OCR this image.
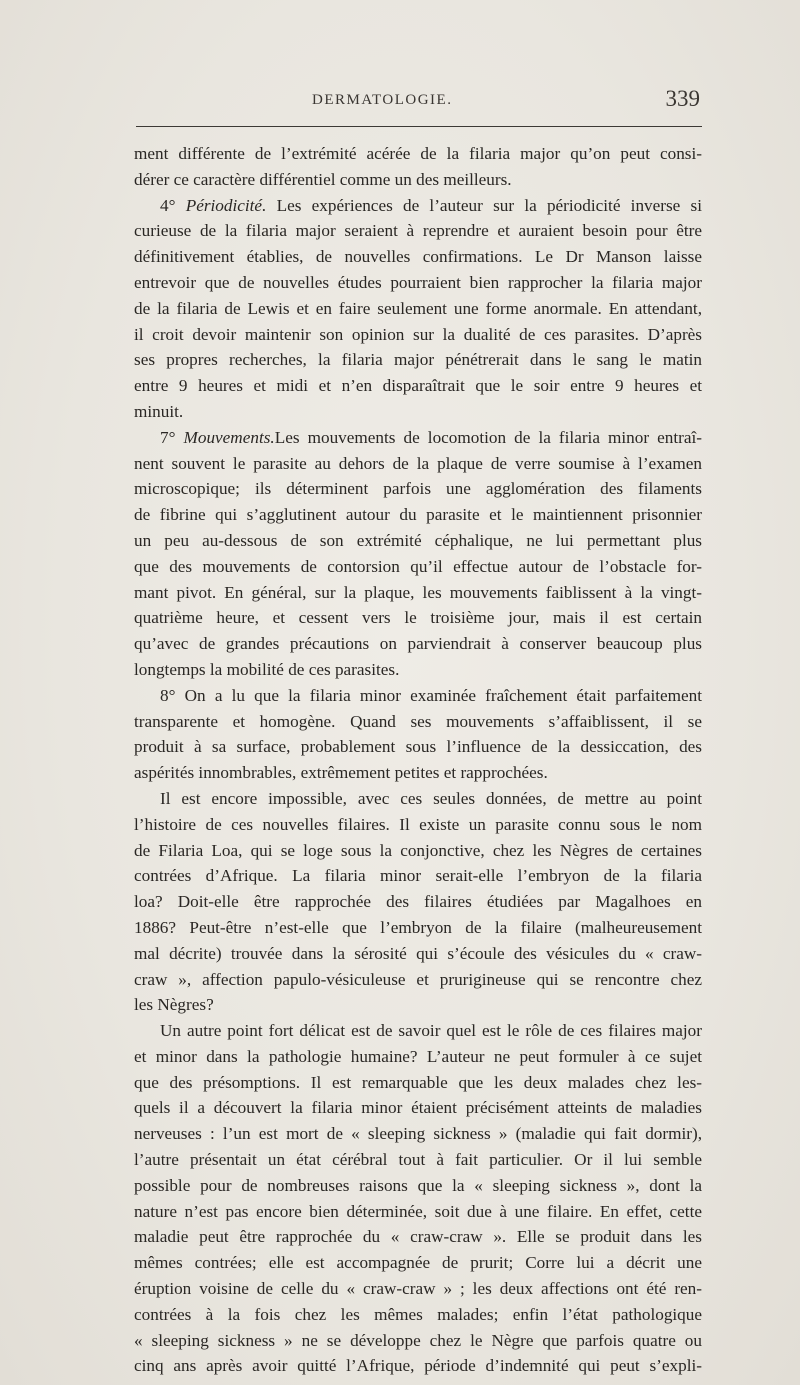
DERMATOLOGIE.	339
ment différente de l’extrémité acérée de la filaria major qu’on peut consi-
dérer ce caractère différentiel comme un des meilleurs.
4° Périodicité. Les expériences de l’auteur sur la périodicité inverse si
curieuse de la filaria major seraient à reprendre et auraient besoin pour être
définitivement établies, de nouvelles confirmations. Le Dr Manson laisse
entrevoir que de nouvelles études pourraient bien rapprocher la filaria major
de la filaria de Lewis et en faire seulement une forme anormale. En attendant,
il croit devoir maintenir son opinion sur la dualité de ces parasites. D’après
ses propres recherches, la filaria major pénétrerait dans le sang le matin
entre 9 heures et midi et n’en disparaîtrait que le soir entre 9 heures et
minuit.
7° Mouvements.Les mouvements de locomotion de la filaria minor entraî-
nent souvent le parasite au dehors de la plaque de verre soumise à l’examen
microscopique; ils déterminent parfois une agglomération des filaments
de fibrine qui s’agglutinent autour du parasite et le maintiennent prisonnier
un peu au-dessous de son extrémité céphalique, ne lui permettant plus
que des mouvements de contorsion qu’il effectue autour de l’obstacle for-
mant pivot. En général, sur la plaque, les mouvements faiblissent à la vingt-
quatrième heure, et cessent vers le troisième jour, mais il est certain
qu’avec de grandes précautions on parviendrait à conserver beaucoup plus
longtemps la mobilité de ces parasites.
8° On a lu que la filaria minor examinée fraîchement était parfaitement
transparente et homogène. Quand ses mouvements s’affaiblissent, il se
produit à sa surface, probablement sous l’influence de la dessiccation, des
aspérités innombrables, extrêmement petites et rapprochées.
Il est encore impossible, avec ces seules données, de mettre au point
l’histoire de ces nouvelles filaires. Il existe un parasite connu sous le nom
de Filaria Loa, qui se loge sous la conjonctive, chez les Nègres de certaines
contrées d’Afrique. La filaria minor serait-elle l’embryon de la filaria
loa? Doit-elle être rapprochée des filaires étudiées par Magalhoes en
1886? Peut-être n’est-elle que l’embryon de la filaire (malheureusement
mal décrite) trouvée dans la sérosité qui s’écoule des vésicules du « craw-
craw », affection papulo-vésiculeuse et prurigineuse qui se rencontre chez
les Nègres?
Un autre point fort délicat est de savoir quel est le rôle de ces filaires major
et minor dans la pathologie humaine? L’auteur ne peut formuler à ce sujet
que des présomptions. Il est remarquable que les deux malades chez les-
quels il a découvert la filaria minor étaient précisément atteints de maladies
nerveuses : l’un est mort de « sleeping sickness » (maladie qui fait dormir),
l’autre présentait un état cérébral tout à fait particulier. Or il lui semble
possible pour de nombreuses raisons que la « sleeping sickness », dont la
nature n’est pas encore bien déterminée, soit due à une filaire. En effet, cette
maladie peut être rapprochée du « craw-craw ». Elle se produit dans les
mêmes contrées; elle est accompagnée de prurit; Corre lui a décrit une
éruption voisine de celle du « craw-craw » ; les deux affections ont été ren-
contrées à la fois chez les mêmes malades; enfin l’état pathologique
« sleeping sickness » ne se développe chez le Nègre que parfois quatre ou
cinq ans après avoir quitté l’Afrique, période d’indemnité qui peut s’expli-
